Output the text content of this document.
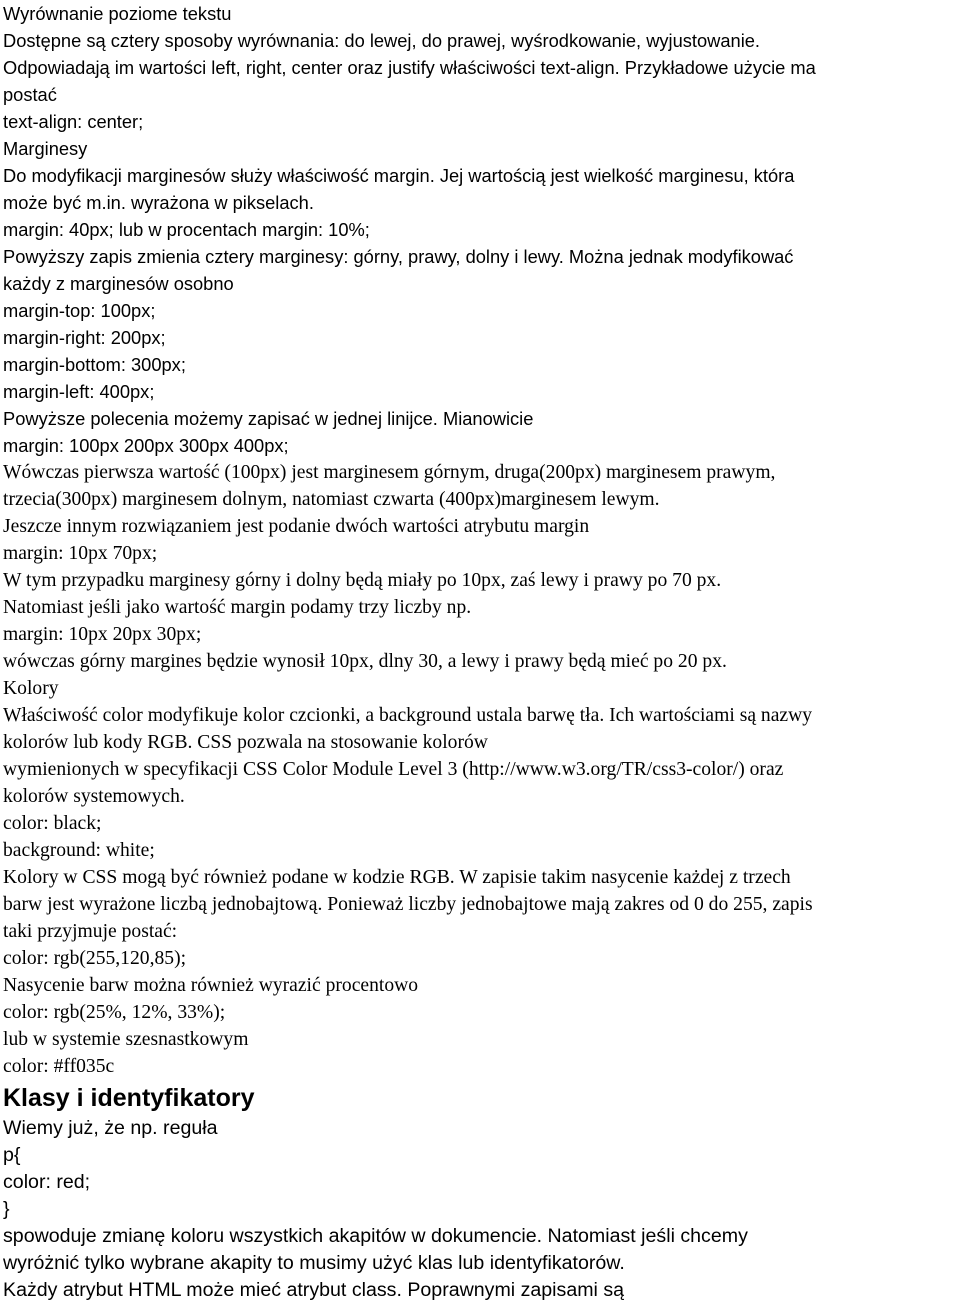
Wyrównanie poziome tekstu
Dostępne są cztery sposoby wyrównania: do lewej, do prawej, wyśrodkowanie, wyjustowanie.
Odpowiadają im wartości left, right, center oraz justify właściwości text-align. Przykładowe użycie ma
postać
text-align: center;
Marginesy
Do modyfikacji marginesów służy właściwość margin. Jej wartością jest wielkość marginesu, która
może być m.in. wyrażona w pikselach.
margin: 40px; lub w procentach margin: 10%;
Powyższy zapis zmienia cztery marginesy: górny, prawy, dolny i lewy. Można jednak modyfikować
każdy z marginesów osobno
margin-top: 100px;
margin-right: 200px;
margin-bottom: 300px;
margin-left: 400px;
Powyższe polecenia możemy zapisać w jednej linijce. Mianowicie
margin: 100px 200px 300px 400px;
Wówczas pierwsza wartość (100px) jest marginesem górnym, druga(200px) marginesem prawym,
trzecia(300px) marginesem dolnym, natomiast czwarta (400px)marginesem lewym.
Jeszcze innym rozwiązaniem jest podanie dwóch wartości atrybutu margin
margin: 10px 70px;
W tym przypadku marginesy górny i dolny będą miały po 10px, zaś lewy i prawy po 70 px.
Natomiast jeśli jako wartość margin podamy trzy liczby np.
margin: 10px 20px 30px;
wówczas górny margines będzie wynosił 10px, dlny 30, a lewy i prawy będą mieć po 20 px.
Kolory
Właściwość color modyfikuje kolor czcionki, a background ustala barwę tła. Ich wartościami są nazwy
kolorów lub kody RGB. CSS pozwala na stosowanie kolorów
wymienionych w specyfikacji CSS Color Module Level 3 (http://www.w3.org/TR/css3-color/) oraz
kolorów systemowych.
color: black;
background: white;
Kolory w CSS mogą być również podane w kodzie RGB. W zapisie takim nasycenie każdej z trzech
barw jest wyrażone liczbą jednobajtową. Ponieważ liczby jednobajtowe mają zakres od 0 do 255, zapis
taki przyjmuje postać:
color: rgb(255,120,85);
Nasycenie barw można również wyrazić procentowo
color: rgb(25%, 12%, 33%);
lub w systemie szesnastkowym
color: #ff035c
Klasy i identyfikatory
Wiemy już, że np. reguła
p{
color: red;
}
spowoduje zmianę koloru wszystkich akapitów w dokumencie. Natomiast jeśli chcemy
wyróżnić tylko wybrane akapity to musimy użyć klas lub identyfikatorów.
Każdy atrybut HTML może mieć atrybut class. Poprawnymi zapisami są
